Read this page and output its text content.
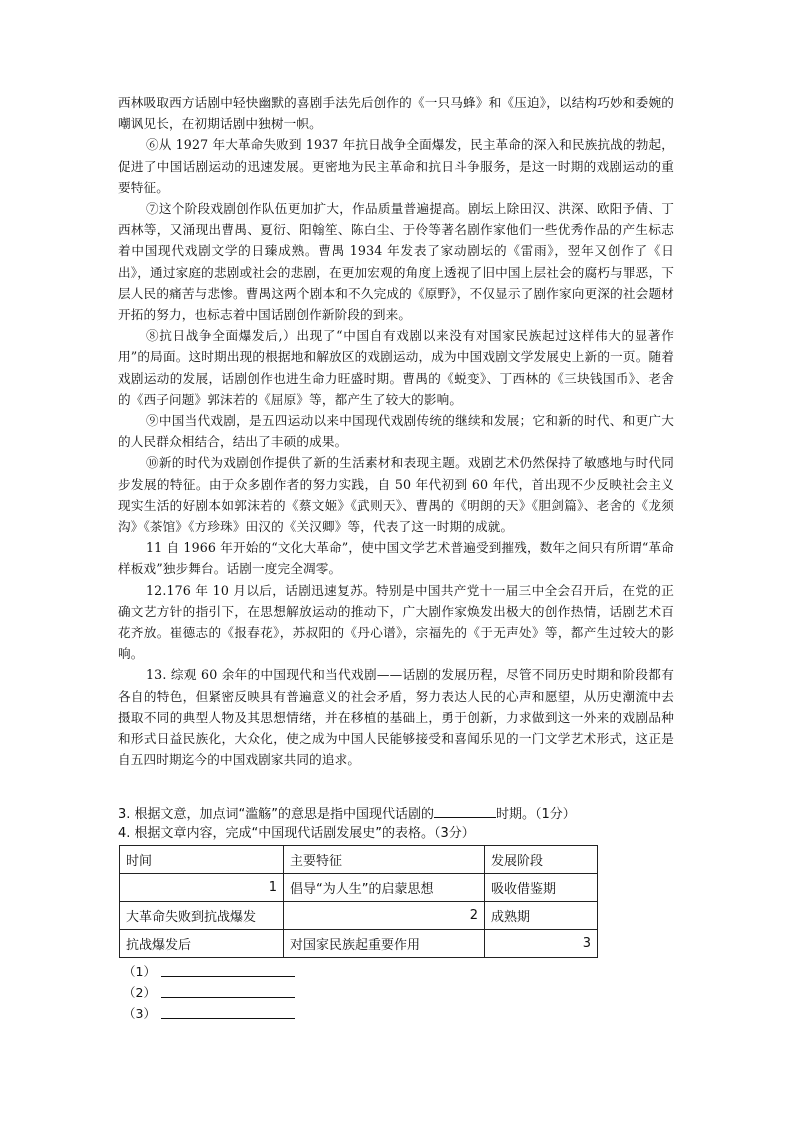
西林吸取西方话剧中轻快幽默的喜剧手法先后创作的《一只马蜂》和《压迫》，以结构巧妙和委婉的嘲讽见长，在初期话剧中独树一帜。
⑥从 1927 年大革命失败到 1937 年抗日战争全面爆发，民主革命的深入和民族抗战的勃起，促进了中国话剧运动的迅速发展。更密地为民主革命和抗日斗争服务，是这一时期的戏剧运动的重要特征。
⑦这个阶段戏剧创作队伍更加扩大，作品质量普遍提高。剧坛上除田汉、洪深、欧阳予倩、丁西林等，又涌现出曹禺、夏衍、阳翰笙、陈白尘、于伶等著名剧作家他们一些优秀作品的产生标志着中国现代戏剧文学的日臻成熟。曹禺 1934 年发表了家动剧坛的《雷雨》，翌年又创作了《日出》，通过家庭的悲剧或社会的悲剧，在更加宏观的角度上透视了旧中国上层社会的腐朽与罪恶，下层人民的痛苦与悲惨。曹禺这两个剧本和不久完成的《原野》，不仅显示了剧作家向更深的社会题材开拓的努力，也标志着中国话剧创作新阶段的到来。
⑧抗日战争全面爆发后,）出现了“中国自有戏剧以来没有对国家民族起过这样伟大的显著作用”的局面。这时期出现的根据地和解放区的戏剧运动，成为中国戏剧文学发展史上新的一页。随着戏剧运动的发展，话剧创作也进生命力旺盛时期。曹禺的《蜕变》、丁西林的《三块钱国币》、老舍的《西子问题》郭沫若的《屈原》等，都产生了较大的影响。
⑨中国当代戏剧，是五四运动以来中国现代戏剧传统的继续和发展；它和新的时代、和更广大的人民群众相结合，结出了丰硕的成果。
⑩新的时代为戏剧创作提供了新的生活素材和表现主题。戏剧艺术仍然保持了敏感地与时代同步发展的特征。由于众多剧作者的努力实践，自 50 年代初到 60 年代，首出现不少反映社会主义现实生活的好剧本如郭沫若的《蔡文姬》《武则天》、曹禺的《明朗的天》《胆剑篇》、老舍的《龙须沟》《茶馆》《方珍珠》田汉的《关汉卿》等，代表了这一时期的成就。
11 自 1966 年开始的“文化大革命”，使中国文学艺术普遍受到摧残，数年之间只有所谓“革命样板戏”独步舞台。话剧一度完全凋零。
12.176 年 10 月以后，话剧迅速复苏。特别是中国共产党十一届三中全会召开后，在党的正确文艺方针的指引下，在思想解放运动的推动下，广大剧作家焕发出极大的创作热情，话剧艺术百花齐放。崔德志的《报春花》，苏叔阳的《丹心谱》，宗福先的《于无声处》等，都产生过较大的影响。
13. 综观 60 余年的中国现代和当代戏剧——话剧的发展历程，尽管不同历史时期和阶段都有各自的特色，但紧密反映具有普遍意义的社会矛盾，努力表达人民的心声和愿望，从历史潮流中去摄取不同的典型人物及其思想情绪，并在移植的基础上，勇于创新，力求做到这一外来的戏剧品种和形式日益民族化，大众化，使之成为中国人民能够接受和喜闻乐见的一门文学艺术形式，这正是自五四时期迄今的中国戏剧家共同的追求。
3. 根据文意，加点词“滥觞”的意思是指中国现代话剧的	时期。（1分）
4. 根据文章内容，完成“中国现代话剧发展史”的表格。（3分）
时间	主要特征	发展阶段
1	倡导“为人生”的启蒙思想	吸收借鉴期
大革命失败到抗战爆发	2	成熟期
抗战爆发后	对国家民族起重要作用	3
（1）
（2）
（3）
